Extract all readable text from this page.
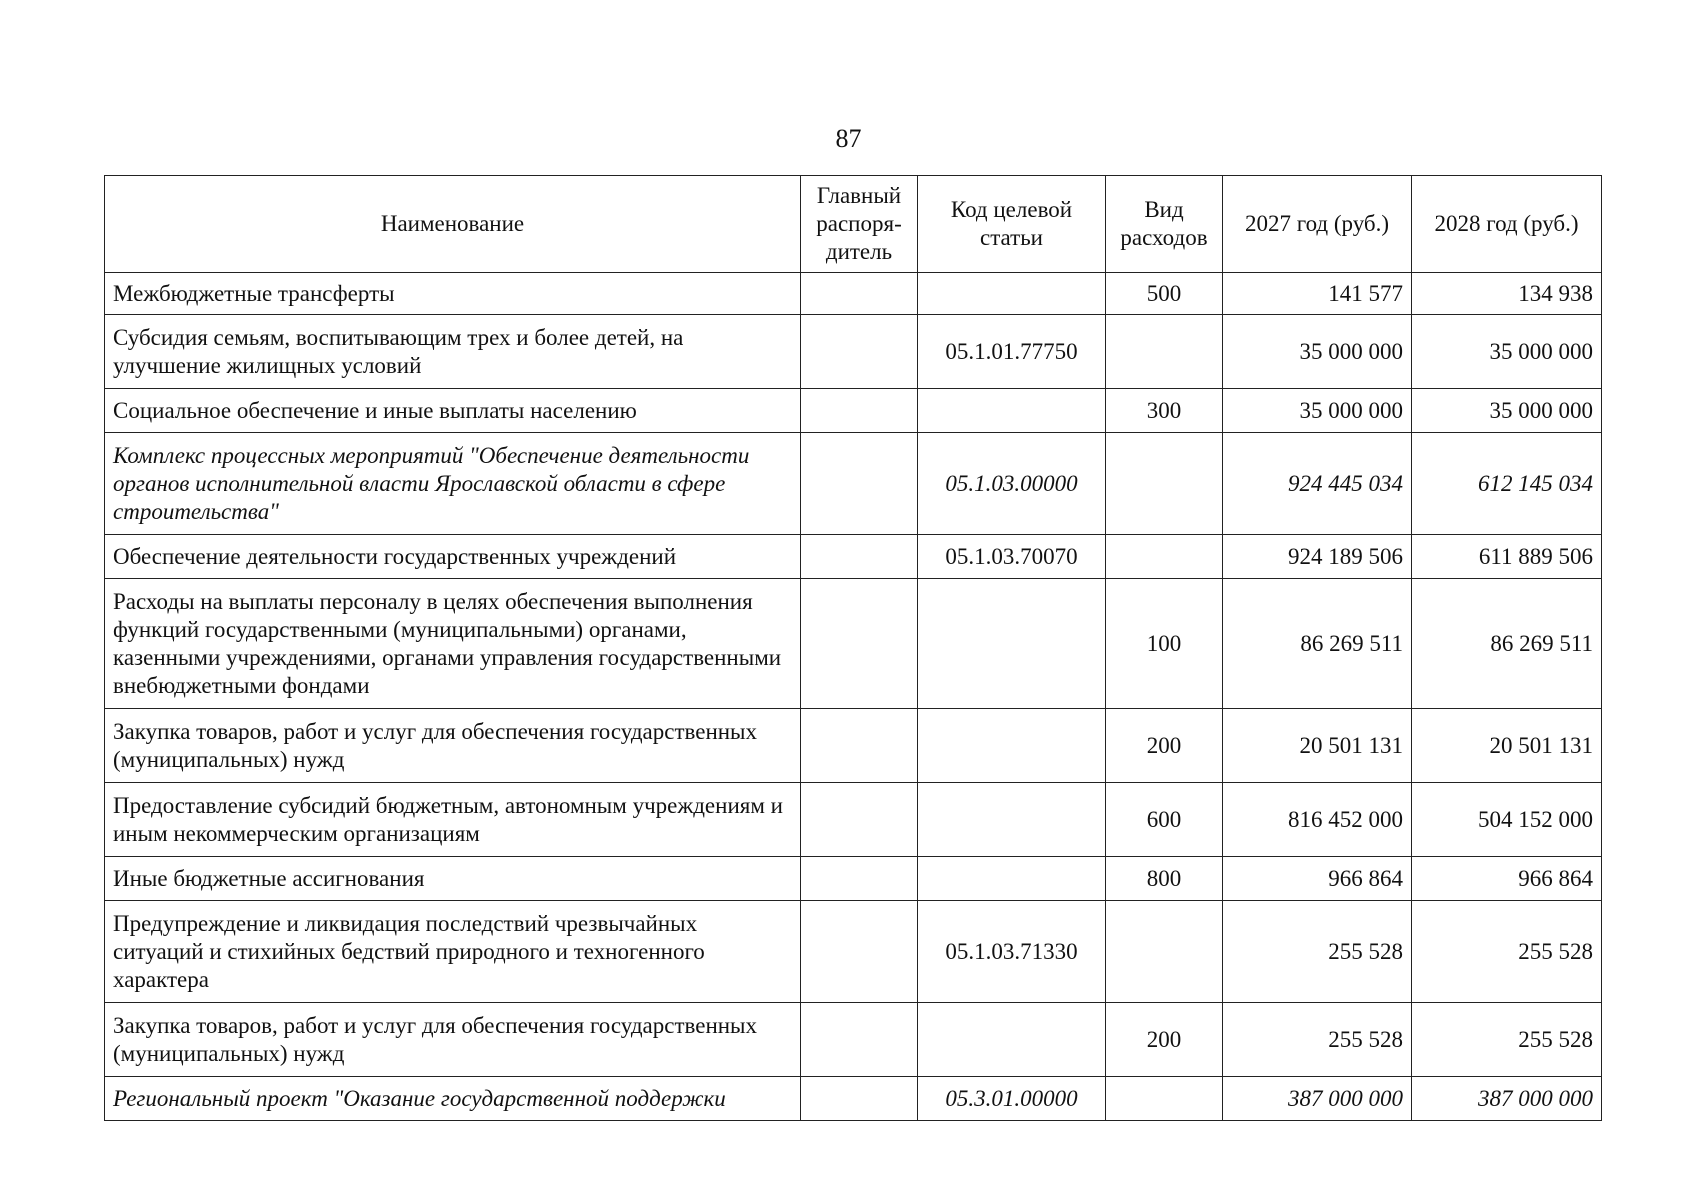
87
Наименование	Главный распоря-дитель	Код целевой статьи	Вид расходов	2027 год (руб.)	2028 год (руб.)
Межбюджетные трансферты			500	141 577	134 938
Субсидия семьям, воспитывающим трех и более детей, на улучшение жилищных условий		05.1.01.77750		35 000 000	35 000 000
Социальное обеспечение и иные выплаты населению			300	35 000 000	35 000 000
Комплекс процессных мероприятий "Обеспечение деятельности органов исполнительной власти Ярославской области в сфере строительства"		05.1.03.00000		924 445 034	612 145 034
Обеспечение деятельности государственных учреждений		05.1.03.70070		924 189 506	611 889 506
Расходы на выплаты персоналу в целях обеспечения выполнения функций государственными (муниципальными) органами, казенными учреждениями, органами управления государственными внебюджетными фондами			100	86 269 511	86 269 511
Закупка товаров, работ и услуг для обеспечения государственных (муниципальных) нужд			200	20 501 131	20 501 131
Предоставление субсидий бюджетным, автономным учреждениям и иным некоммерческим организациям			600	816 452 000	504 152 000
Иные бюджетные ассигнования			800	966 864	966 864
Предупреждение и ликвидация последствий чрезвычайных ситуаций и стихийных бедствий природного и техногенного характера		05.1.03.71330		255 528	255 528
Закупка товаров, работ и услуг для обеспечения государственных (муниципальных) нужд			200	255 528	255 528
Региональный проект "Оказание государственной поддержки		05.3.01.00000		387 000 000	387 000 000
